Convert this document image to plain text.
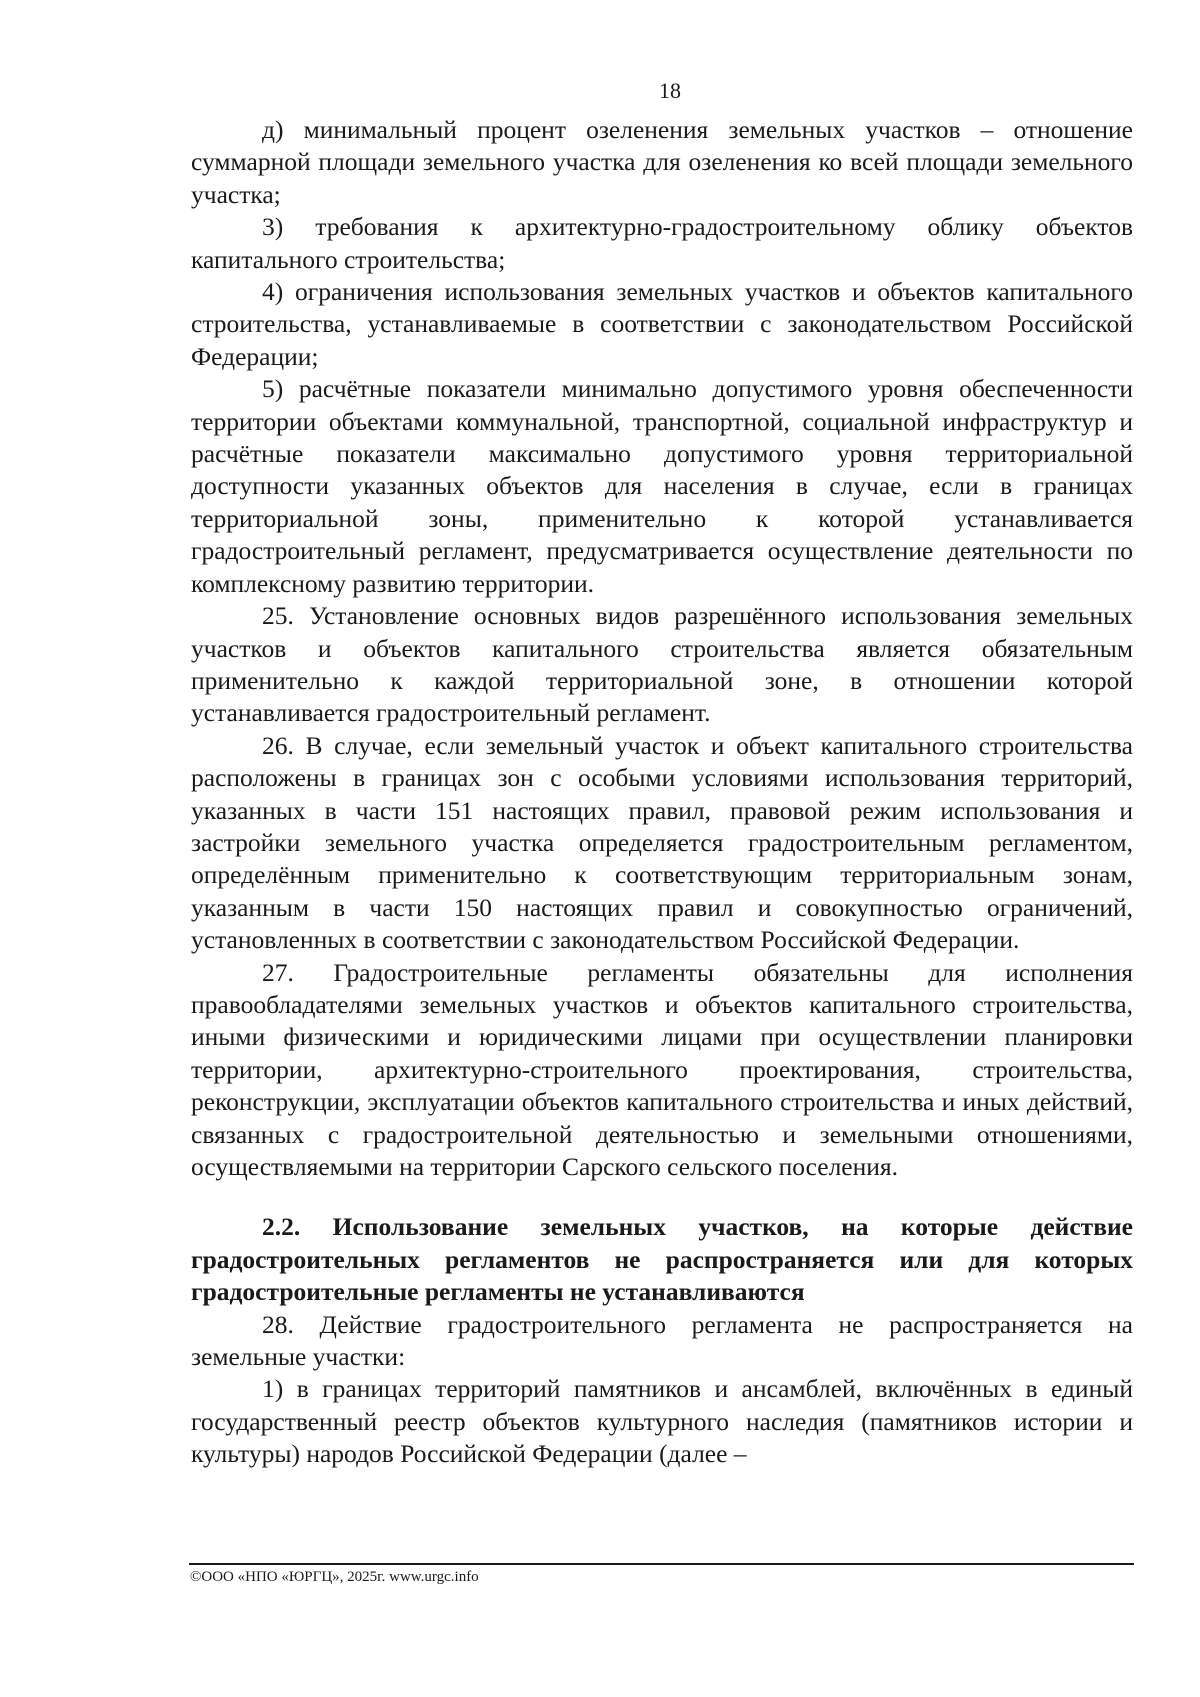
18

д) минимальный процент озеленения земельных участков – отношение суммарной площади земельного участка для озеленения ко всей площади земельного участка;

3) требования к архитектурно-градостроительному облику объектов капитального строительства;

4) ограничения использования земельных участков и объектов капитального строительства, устанавливаемые в соответствии с законодательством Российской Федерации;

5) расчётные показатели минимально допустимого уровня обеспеченности территории объектами коммунальной, транспортной, социальной инфраструктур и расчётные показатели максимально допустимого уровня территориальной доступности указанных объектов для населения в случае, если в границах территориальной зоны, применительно к которой устанавливается градостроительный регламент, предусматривается осуществление деятельности по комплексному развитию территории.

25. Установление основных видов разрешённого использования земельных участков и объектов капитального строительства является обязательным применительно к каждой территориальной зоне, в отношении которой устанавливается градостроительный регламент.

26. В случае, если земельный участок и объект капитального строительства расположены в границах зон с особыми условиями использования территорий, указанных в части 151 настоящих правил, правовой режим использования и застройки земельного участка определяется градостроительным регламентом, определённым применительно к соответствующим территориальным зонам, указанным в части 150 настоящих правил и совокупностью ограничений, установленных в соответствии с законодательством Российской Федерации.

27. Градостроительные регламенты обязательны для исполнения правообладателями земельных участков и объектов капитального строительства, иными физическими и юридическими лицами при осуществлении планировки территории, архитектурно-строительного проектирования, строительства, реконструкции, эксплуатации объектов капитального строительства и иных действий, связанных с градостроительной деятельностью и земельными отношениями, осуществляемыми на территории Сарского сельского поселения.

2.2. Использование земельных участков, на которые действие градостроительных регламентов не распространяется или для которых градостроительные регламенты не устанавливаются

28. Действие градостроительного регламента не распространяется на земельные участки:

1) в границах территорий памятников и ансамблей, включённых в единый государственный реестр объектов культурного наследия (памятников истории и культуры) народов Российской Федерации (далее –

©ООО «НПО «ЮРГЦ», 2025г. www.urgc.info
